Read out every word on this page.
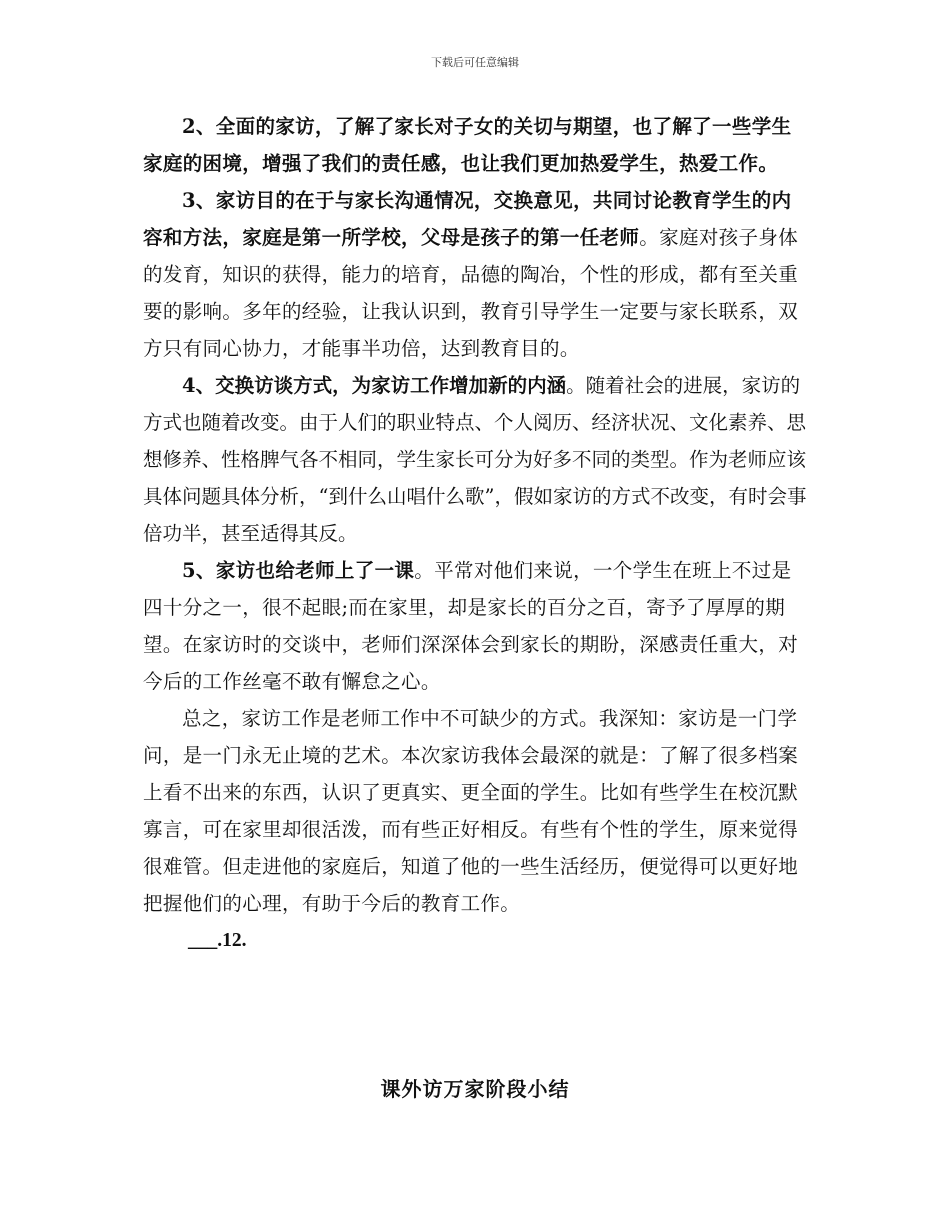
下载后可任意编辑

2、全面的家访，了解了家长对子女的关切与期望，也了解了一些学生家庭的困境，增强了我们的责任感，也让我们更加热爱学生，热爱工作。

3、家访目的在于与家长沟通情况，交换意见，共同讨论教育学生的内容和方法，家庭是第一所学校，父母是孩子的第一任老师。家庭对孩子身体的发育，知识的获得，能力的培育，品德的陶冶，个性的形成，都有至关重要的影响。多年的经验，让我认识到，教育引导学生一定要与家长联系，双方只有同心协力，才能事半功倍，达到教育目的。

4、交换访谈方式，为家访工作增加新的内涵。随着社会的进展，家访的方式也随着改变。由于人们的职业特点、个人阅历、经济状况、文化素养、思想修养、性格脾气各不相同，学生家长可分为好多不同的类型。作为老师应该具体问题具体分析，“到什么山唱什么歌”，假如家访的方式不改变，有时会事倍功半，甚至适得其反。

5、家访也给老师上了一课。平常对他们来说，一个学生在班上不过是四十分之一，很不起眼;而在家里，却是家长的百分之百，寄予了厚厚的期望。在家访时的交谈中，老师们深深体会到家长的期盼，深感责任重大，对今后的工作丝毫不敢有懈怠之心。

总之，家访工作是老师工作中不可缺少的方式。我深知：家访是一门学问，是一门永无止境的艺术。本次家访我体会最深的就是：了解了很多档案上看不出来的东西，认识了更真实、更全面的学生。比如有些学生在校沉默寡言，可在家里却很活泼，而有些正好相反。有些有个性的学生，原来觉得很难管。但走进他的家庭后，知道了他的一些生活经历，便觉得可以更好地把握他们的心理，有助于今后的教育工作。

___.12.

课外访万家阶段小结
